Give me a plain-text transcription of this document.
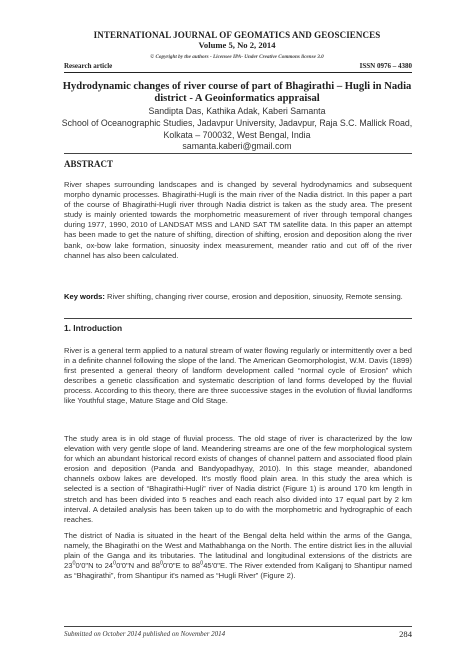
INTERNATIONAL JOURNAL OF GEOMATICS AND GEOSCIENCES
Volume 5, No 2, 2014
© Copyright by the authors - Licensee IPA- Under Creative Commons license 3.0
Research article	ISSN 0976 – 4380
Hydrodynamic changes of river course of part of Bhagirathi – Hugli in Nadia district - A Geoinformatics appraisal
Sandipta Das, Kathika Adak, Kaberi Samanta
School of Oceanographic Studies, Jadavpur University, Jadavpur, Raja S.C. Mallick Road,
Kolkata – 700032, West Bengal, India
samanta.kaberi@gmail.com
ABSTRACT
River shapes surrounding landscapes and is changed by several hydrodynamics and subsequent morpho dynamic processes. Bhagirathi-Hugli is the main river of the Nadia district. In this paper a part of the course of Bhagirathi-Hugli river through Nadia district is taken as the study area. The present study is mainly oriented towards the morphometric measurement of river through temporal changes during 1977, 1990, 2010 of LANDSAT MSS and LAND SAT TM satellite data. In this paper an attempt has been made to get the nature of shifting, direction of shifting, erosion and deposition along the river bank, ox-bow lake formation, sinuosity index measurement, meander ratio and cut off of the river channel has also been calculated.
Key words: River shifting, changing river course, erosion and deposition, sinuosity, Remote sensing.
1. Introduction
River is a general term applied to a natural stream of water flowing regularly or intermittently over a bed in a definite channel following the slope of the land. The American Geomorphologist, W.M. Davis (1899) first presented a general theory of landform development called “normal cycle of Erosion” which describes a genetic classification and systematic description of land forms developed by the fluvial process. According to this theory, there are three successive stages in the evolution of fluvial landforms like Youthful stage, Mature Stage and Old Stage.
The study area is in old stage of fluvial process. The old stage of river is characterized by the low elevation with very gentle slope of land. Meandering streams are one of the few morphological system for which an abundant historical record exists of changes of channel pattern and associated flood plain erosion and deposition (Panda and Bandyopadhyay, 2010). In this stage meander, abandoned channels oxbow lakes are developed. It's mostly flood plain area. In this study the area which is selected is a section of “Bhagirathi-Hugli” river of Nadia district (Figure 1) is around 170 km length in stretch and has been divided into 5 reaches and each reach also divided into 17 equal part by 2 km interval. A detailed analysis has been taken up to do with the morphometric and hydrographic of each reaches.
The district of Nadia is situated in the heart of the Bengal delta held within the arms of the Ganga, namely, the Bhagirathi on the West and Mathabhanga on the North. The entire district lies in the alluvial plain of the Ganga and its tributaries. The latitudinal and longitudinal extensions of the districts are $23^00'0"N$ to $24^00'0"N$ and $88^00'0"E$ to $88^045'0"E$. The River extended from Kaliganj to Shantipur named as “Bhagirathi”, from Shantipur it's named as “Hugli River” (Figure 2).
Submitted on October 2014 published on November 2014	284
